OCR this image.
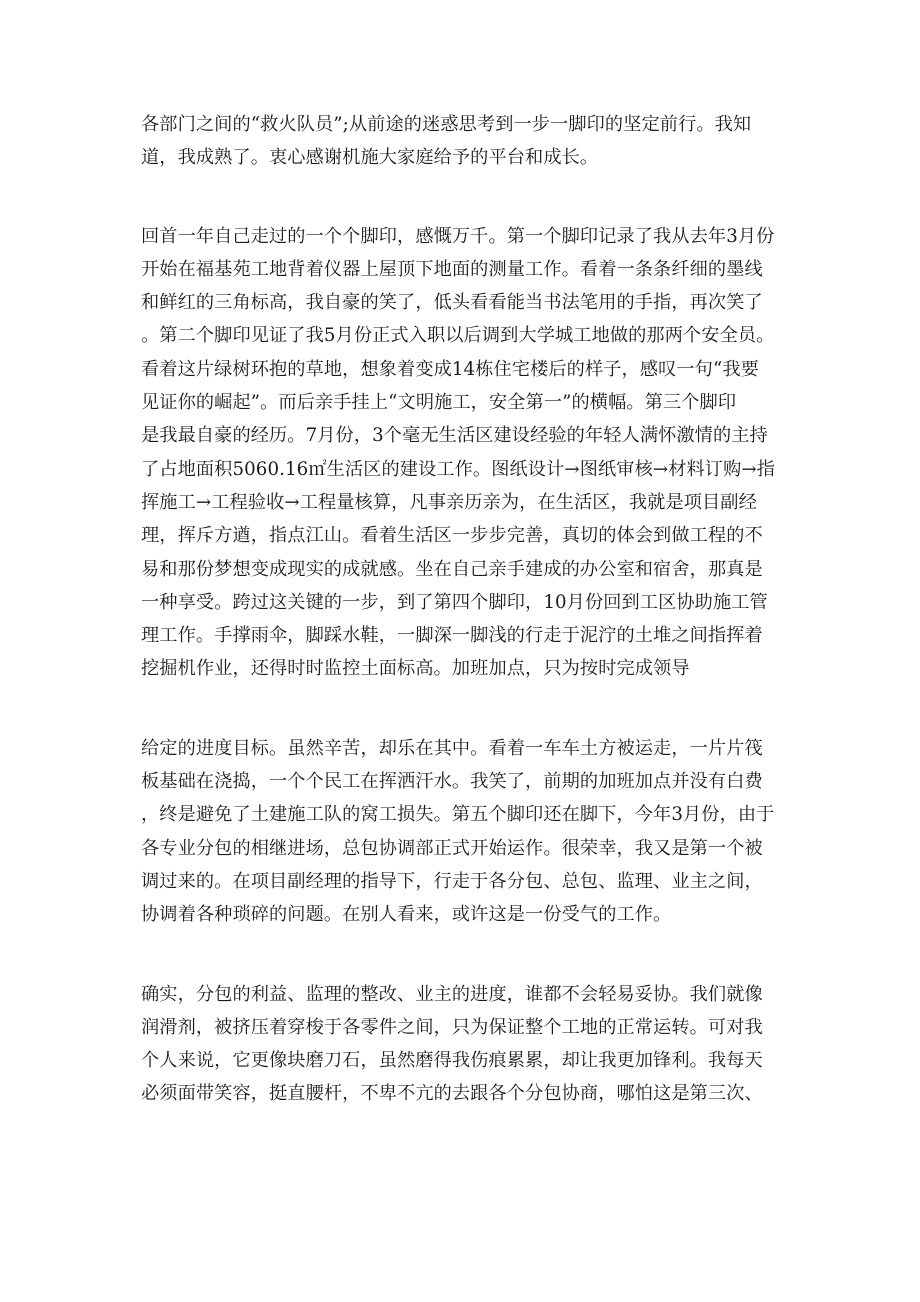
各部门之间的“救火队员”;从前途的迷惑思考到一步一脚印的坚定前行。我知
道，我成熟了。衷心感谢机施大家庭给予的平台和成长。

回首一年自己走过的一个个脚印，感慨万千。第一个脚印记录了我从去年3月份
开始在福基苑工地背着仪器上屋顶下地面的测量工作。看着一条条纤细的墨线
和鲜红的三角标高，我自豪的笑了，低头看看能当书法笔用的手指，再次笑了
。第二个脚印见证了我5月份正式入职以后调到大学城工地做的那两个安全员。
看着这片绿树环抱的草地，想象着变成14栋住宅楼后的样子，感叹一句“我要
见证你的崛起”。而后亲手挂上“文明施工，安全第一”的横幅。第三个脚印
是我最自豪的经历。7月份，3个毫无生活区建设经验的年轻人满怀激情的主持
了占地面积5060.16㎡生活区的建设工作。图纸设计→图纸审核→材料订购→指
挥施工→工程验收→工程量核算，凡事亲历亲为，在生活区，我就是项目副经
理，挥斥方遒，指点江山。看着生活区一步步完善，真切的体会到做工程的不
易和那份梦想变成现实的成就感。坐在自己亲手建成的办公室和宿舍，那真是
一种享受。跨过这关键的一步，到了第四个脚印，10月份回到工区协助施工管
理工作。手撑雨伞，脚踩水鞋，一脚深一脚浅的行走于泥泞的土堆之间指挥着
挖掘机作业，还得时时监控土面标高。加班加点，只为按时完成领导

给定的进度目标。虽然辛苦，却乐在其中。看着一车车土方被运走，一片片筏
板基础在浇捣，一个个民工在挥洒汗水。我笑了，前期的加班加点并没有白费
，终是避免了土建施工队的窝工损失。第五个脚印还在脚下，今年3月份，由于
各专业分包的相继进场，总包协调部正式开始运作。很荣幸，我又是第一个被
调过来的。在项目副经理的指导下，行走于各分包、总包、监理、业主之间，
协调着各种琐碎的问题。在别人看来，或许这是一份受气的工作。

确实，分包的利益、监理的整改、业主的进度，谁都不会轻易妥协。我们就像
润滑剂，被挤压着穿梭于各零件之间，只为保证整个工地的正常运转。可对我
个人来说，它更像块磨刀石，虽然磨得我伤痕累累，却让我更加锋利。我每天
必须面带笑容，挺直腰杆，不卑不亢的去跟各个分包协商，哪怕这是第三次、
